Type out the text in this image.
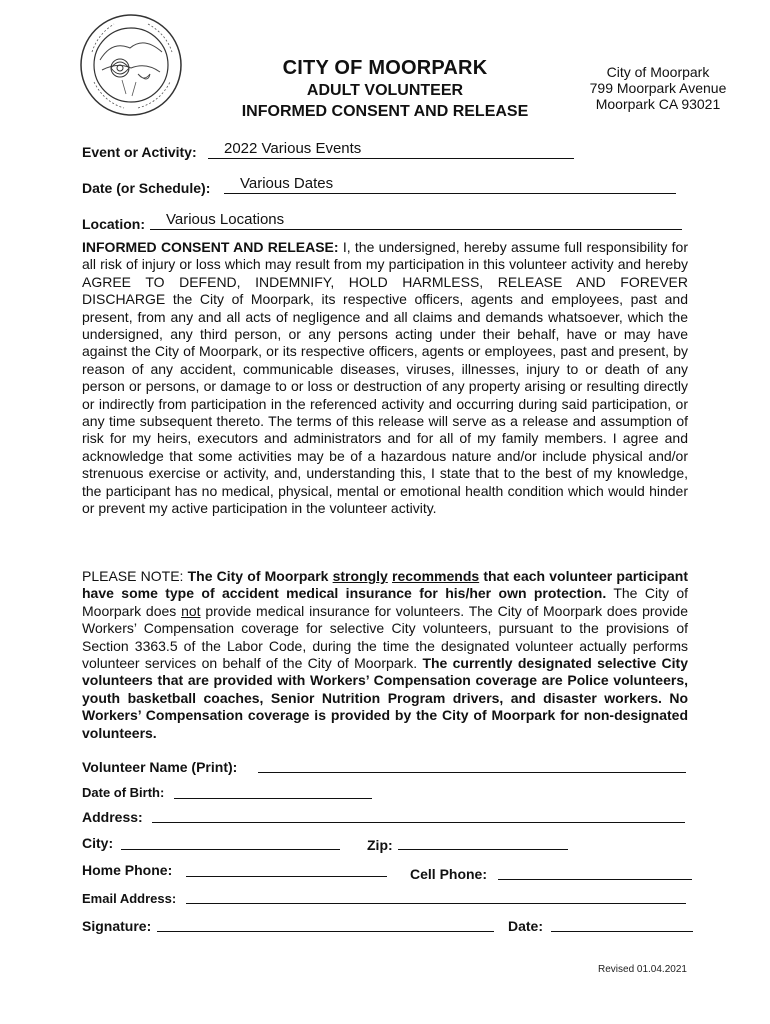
CITY OF MOORPARK

ADULT VOLUNTEER

INFORMED CONSENT AND RELEASE

City of Moorpark
799 Moorpark Avenue
Moorpark CA 93021
Event or Activity:	2022 Various Events
Date (or Schedule):	Various Dates
Location:	Various Locations

INFORMED CONSENT AND RELEASE: I, the undersigned, hereby assume full responsibility for all risk of injury or loss which may result from my participation in this volunteer activity and hereby AGREE TO DEFEND, INDEMNIFY, HOLD HARMLESS, RELEASE AND FOREVER DISCHARGE the City of Moorpark, its respective officers, agents and employees, past and present, from any and all acts of negligence and all claims and demands whatsoever, which the undersigned, any third person, or any persons acting under their behalf, have or may have against the City of Moorpark, or its respective officers, agents or employees, past and present, by reason of any accident, communicable diseases, viruses, illnesses, injury to or death of any person or persons, or damage to or loss or destruction of any property arising or resulting directly or indirectly from participation in the referenced activity and occurring during said participation, or any time subsequent thereto. The terms of this release will serve as a release and assumption of risk for my heirs, executors and administrators and for all of my family members. I agree and acknowledge that some activities may be of a hazardous nature and/or include physical and/or strenuous exercise or activity, and, understanding this, I state that to the best of my knowledge, the participant has no medical, physical, mental or emotional health condition which would hinder or prevent my active participation in the volunteer activity.

PLEASE NOTE: The City of Moorpark strongly recommends that each volunteer participant have some type of accident medical insurance for his/her own protection. The City of Moorpark does not provide medical insurance for volunteers. The City of Moorpark does provide Workers’ Compensation coverage for selective City volunteers, pursuant to the provisions of Section 3363.5 of the Labor Code, during the time the designated volunteer actually performs volunteer services on behalf of the City of Moorpark. The currently designated selective City volunteers that are provided with Workers’ Compensation coverage are Police volunteers, youth basketball coaches, Senior Nutrition Program drivers, and disaster workers. No Workers’ Compensation coverage is provided by the City of Moorpark for non-designated volunteers.

Volunteer Name (Print):
Date of Birth:
Address:
City:	Zip:
Home Phone:	Cell Phone:
Email Address:
Signature:	Date:
Revised 01.04.2021
